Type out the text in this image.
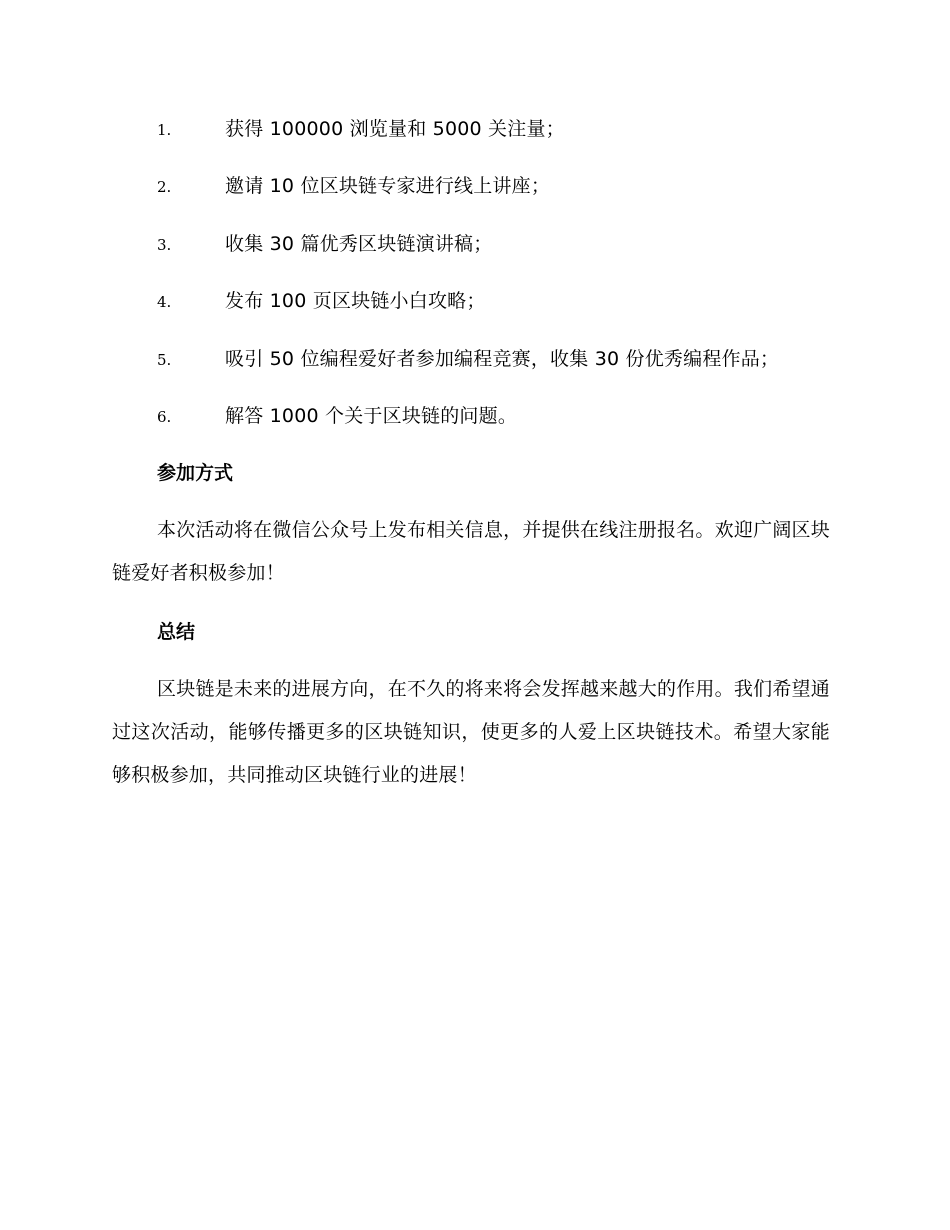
1.	获得 100000 浏览量和 5000 关注量；
2.	邀请 10 位区块链专家进行线上讲座；
3.	收集 30 篇优秀区块链演讲稿；
4.	发布 100 页区块链小白攻略；
5.	吸引 50 位编程爱好者参加编程竞赛，收集 30 份优秀编程作品；
6.	解答 1000 个关于区块链的问题。
参加方式

本次活动将在微信公众号上发布相关信息，并提供在线注册报名。欢迎广阔区块链爱好者积极参加！

总结

区块链是未来的进展方向，在不久的将来将会发挥越来越大的作用。我们希望通过这次活动，能够传播更多的区块链知识，使更多的人爱上区块链技术。希望大家能够积极参加，共同推动区块链行业的进展！
